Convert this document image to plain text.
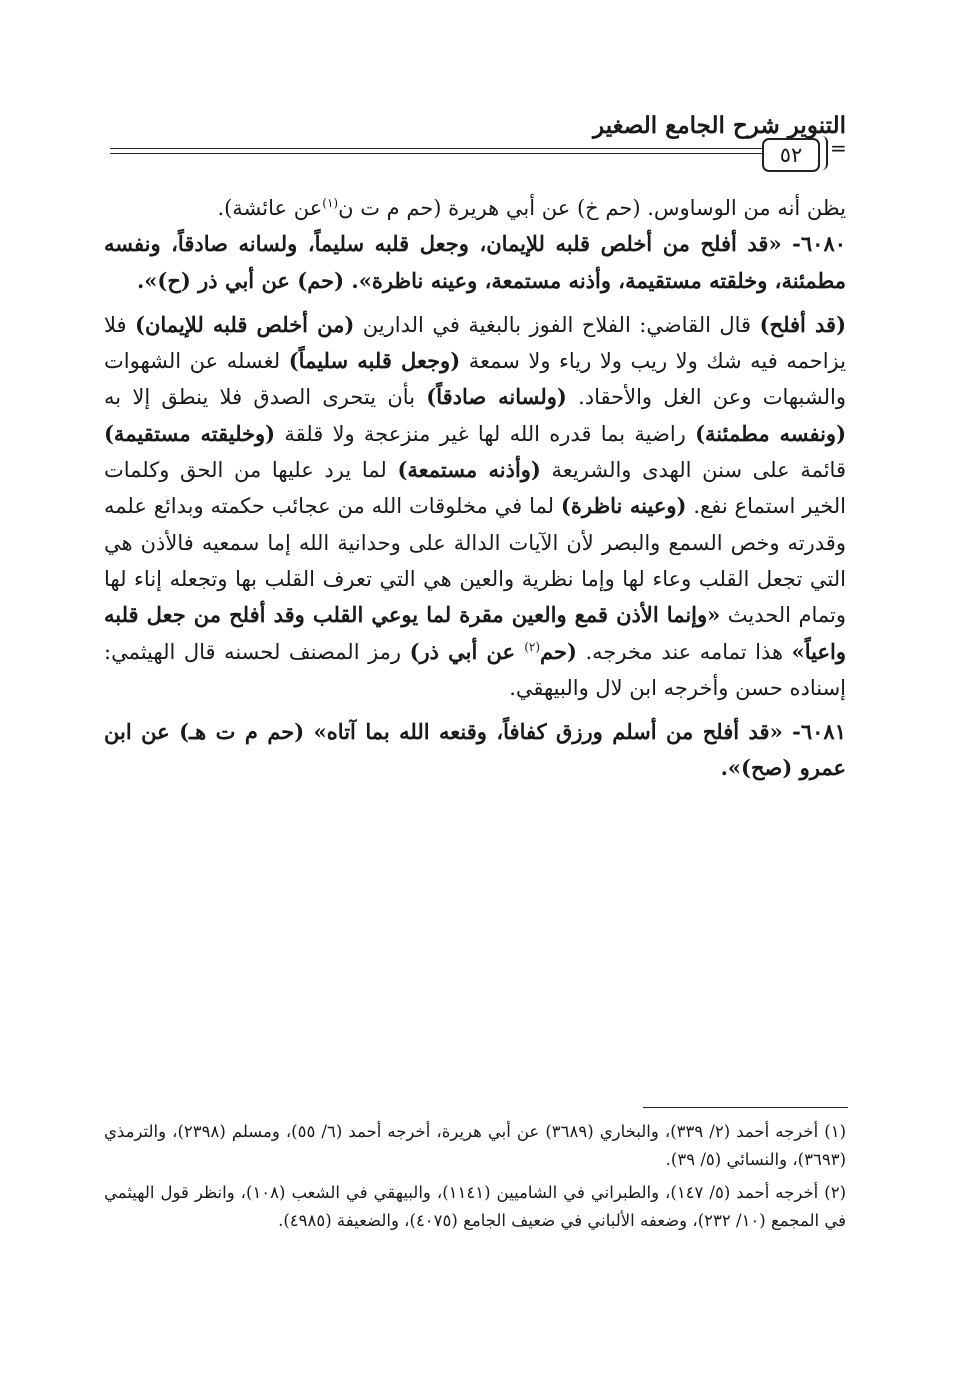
التنوير شرح الجامع الصغير
٥٢	=

يظن أنه من الوساوس. (حم خ) عن أبي هريرة (حم م ت ن$^{(١)}$عن عائشة).

٦٠٨٠- «قد أفلح من أخلص قلبه للإيمان، وجعل قلبه سليماً، ولسانه صادقاً، ونفسه مطمئنة، وخلقته مستقيمة، وأذنه مستمعة، وعينه ناظرة». (حم) عن أبي ذر (ح)».

(قد أفلح) قال القاضي: الفلاح الفوز بالبغية في الدارين (من أخلص قلبه للإيمان) فلا يزاحمه فيه شك ولا ريب ولا رياء ولا سمعة (وجعل قلبه سليماً) لغسله عن الشهوات والشبهات وعن الغل والأحقاد. (ولسانه صادقاً) بأن يتحرى الصدق فلا ينطق إلا به (ونفسه مطمئنة) راضية بما قدره الله لها غير منزعجة ولا قلقة (وخليقته مستقيمة) قائمة على سنن الهدى والشريعة (وأذنه مستمعة) لما يرد عليها من الحق وكلمات الخير استماع نفع. (وعينه ناظرة) لما في مخلوقات الله من عجائب حكمته وبدائع علمه وقدرته وخص السمع والبصر لأن الآيات الدالة على وحدانية الله إما سمعيه فالأذن هي التي تجعل القلب وعاء لها وإما نظرية والعين هي التي تعرف القلب بها وتجعله إناء لها وتمام الحديث «وإنما الأذن قمع والعين مقرة لما يوعي القلب وقد أفلح من جعل قلبه واعياً» هذا تمامه عند مخرجه. (حم$^{(٢)}$ عن أبي ذر) رمز المصنف لحسنه قال الهيثمي: إسناده حسن وأخرجه ابن لال والبيهقي.

٦٠٨١- «قد أفلح من أسلم ورزق كفافاً، وقنعه الله بما آتاه» (حم م ت هـ) عن ابن عمرو (صح)».

(١) أخرجه أحمد (٢/ ٣٣٩)، والبخاري (٣٦٨٩) عن أبي هريرة، أخرجه أحمد (٦/ ٥٥)، ومسلم (٢٣٩٨)، والترمذي (٣٦٩٣)، والنسائي (٥/ ٣٩).

(٢) أخرجه أحمد (٥/ ١٤٧)، والطبراني في الشاميين (١١٤١)، والبيهقي في الشعب (١٠٨)، وانظر قول الهيثمي في المجمع (١٠/ ٢٣٢)، وضعفه الألباني في ضعيف الجامع (٤٠٧٥)، والضعيفة (٤٩٨٥).
